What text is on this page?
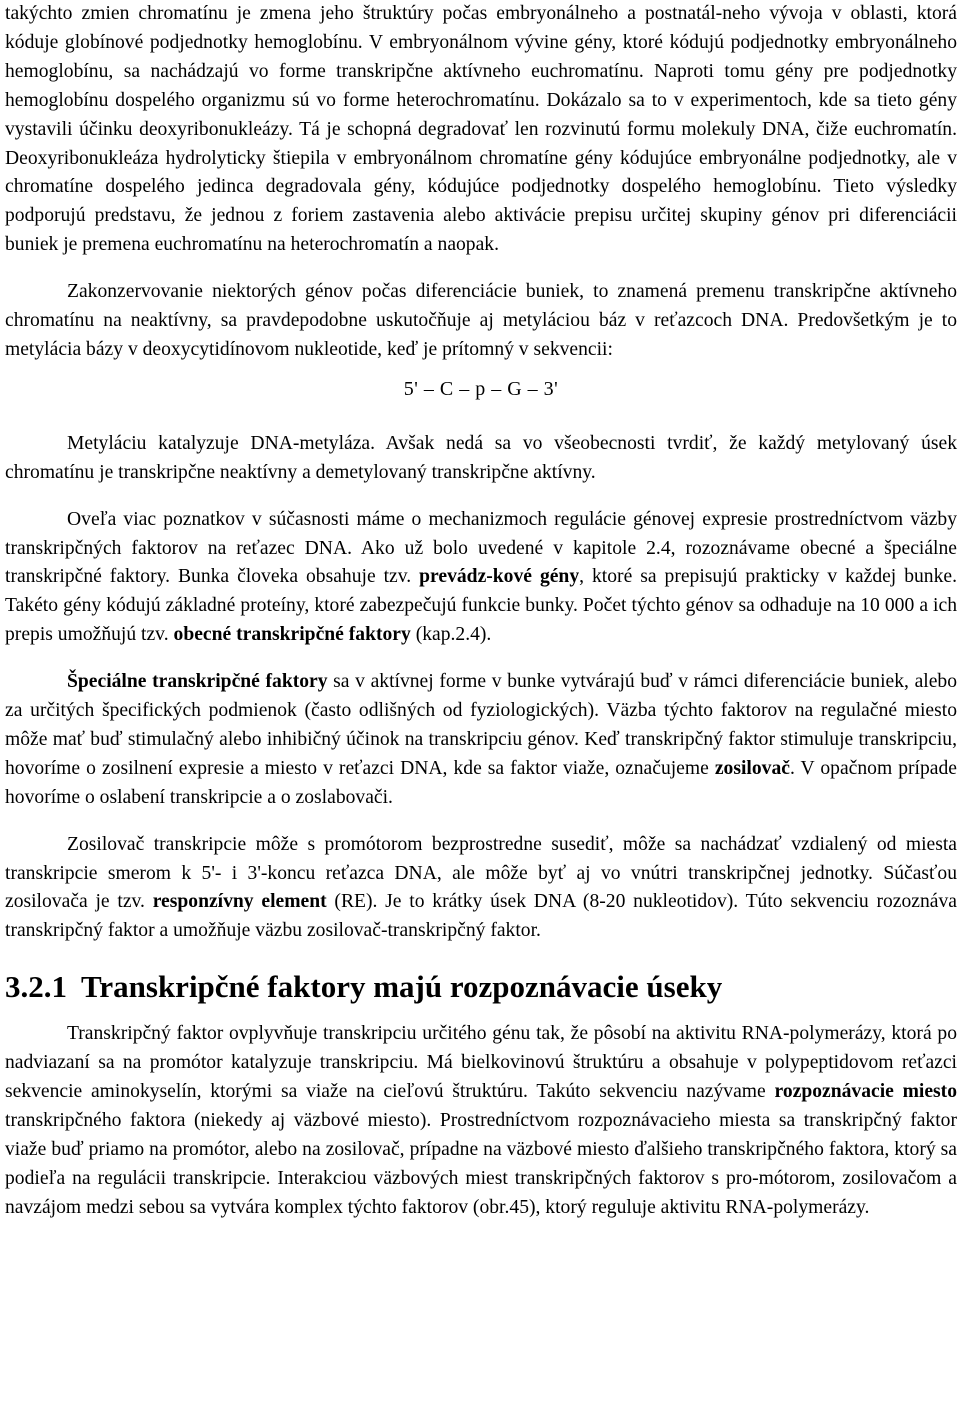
takýchto zmien chromatínu je zmena jeho štruktúry počas embryonálneho a postnatál-neho vývoja v oblasti, ktorá kóduje globínové podjednotky hemoglobínu. V embryonálnom vývine gény, ktoré kódujú podjednotky embryonálneho hemoglobínu, sa nachádzajú vo forme transkripčne aktívneho euchromatínu. Naproti tomu gény pre podjednotky hemoglobínu dospelého organizmu sú vo forme heterochromatínu. Dokázalo sa to v experimentoch, kde sa tieto gény vystavili účinku deoxyribonukleázy. Tá je schopná degradovať len rozvinutú formu molekuly DNA, čiže euchromatín. Deoxyribonukleáza hydrolyticky štiepila v embryonálnom chromatíne gény kódujúce embryonálne podjednotky, ale v chromatíne dospelého jedinca degradovala gény, kódujúce podjednotky dospelého hemoglobínu. Tieto výsledky podporujú predstavu, že jednou z foriem zastavenia alebo aktivácie prepisu určitej skupiny génov pri diferenciácii buniek je premena euchromatínu na heterochromatín a naopak.

Zakonzervovanie niektorých génov počas diferenciácie buniek, to znamená premenu transkripčne aktívneho chromatínu na neaktívny, sa pravdepodobne uskutočňuje aj metyláciou báz v reťazcoch DNA. Predovšetkým je to metylácia bázy v deoxycytidínovom nukleotide, keď je prítomný v sekvencii:

5' – C – p – G – 3'

Metyláciu katalyzuje DNA-metyláza. Avšak nedá sa vo všeobecnosti tvrdiť, že každý metylovaný úsek chromatínu je transkripčne neaktívny a demetylovaný transkripčne aktívny.

Oveľa viac poznatkov v súčasnosti máme o mechanizmoch regulácie génovej expresie prostredníctvom väzby transkripčných faktorov na reťazec DNA. Ako už bolo uvedené v kapitole 2.4, rozoznávame obecné a špeciálne transkripčné faktory. Bunka človeka obsahuje tzv. prevádz-kové gény, ktoré sa prepisujú prakticky v každej bunke. Takéto gény kódujú základné proteíny, ktoré zabezpečujú funkcie bunky. Počet týchto génov sa odhaduje na 10 000 a ich prepis umožňujú tzv. obecné transkripčné faktory (kap.2.4).

Špeciálne transkripčné faktory sa v aktívnej forme v bunke vytvárajú buď v rámci diferenciácie buniek, alebo za určitých špecifických podmienok (často odlišných od fyziologických). Väzba týchto faktorov na regulačné miesto môže mať buď stimulačný alebo inhibičný účinok na transkripciu génov. Keď transkripčný faktor stimuluje transkripciu, hovoríme o zosilnení expresie a miesto v reťazci DNA, kde sa faktor viaže, označujeme zosilovač. V opačnom prípade hovoríme o oslabení transkripcie a o zoslabovači.

Zosilovač transkripcie môže s promótorom bezprostredne susediť, môže sa nachádzať vzdialený od miesta transkripcie smerom k 5'- i 3'-koncu reťazca DNA, ale môže byť aj vo vnútri transkripčnej jednotky. Súčasťou zosilovača je tzv. responzívny element (RE). Je to krátky úsek DNA (8-20 nukleotidov). Túto sekvenciu rozoznáva transkripčný faktor a umožňuje väzbu zosilovač-transkripčný faktor.

3.2.1 Transkripčné faktory majú rozpoznávacie úseky

Transkripčný faktor ovplyvňuje transkripciu určitého génu tak, že pôsobí na aktivitu RNA-polymerázy, ktorá po nadviazaní sa na promótor katalyzuje transkripciu. Má bielkovinovú štruktúru a obsahuje v polypeptidovom reťazci sekvencie aminokyselín, ktorými sa viaže na cieľovú štruktúru. Takúto sekvenciu nazývame rozpoznávacie miesto transkripčného faktora (niekedy aj väzbové miesto). Prostredníctvom rozpoznávacieho miesta sa transkripčný faktor viaže buď priamo na promótor, alebo na zosilovač, prípadne na väzbové miesto ďalšieho transkripčného faktora, ktorý sa podieľa na regulácii transkripcie. Interakciou väzbových miest transkripčných faktorov s pro-mótorom, zosilovačom a navzájom medzi sebou sa vytvára komplex týchto faktorov (obr.45), ktorý reguluje aktivitu RNA-polymerázy.
